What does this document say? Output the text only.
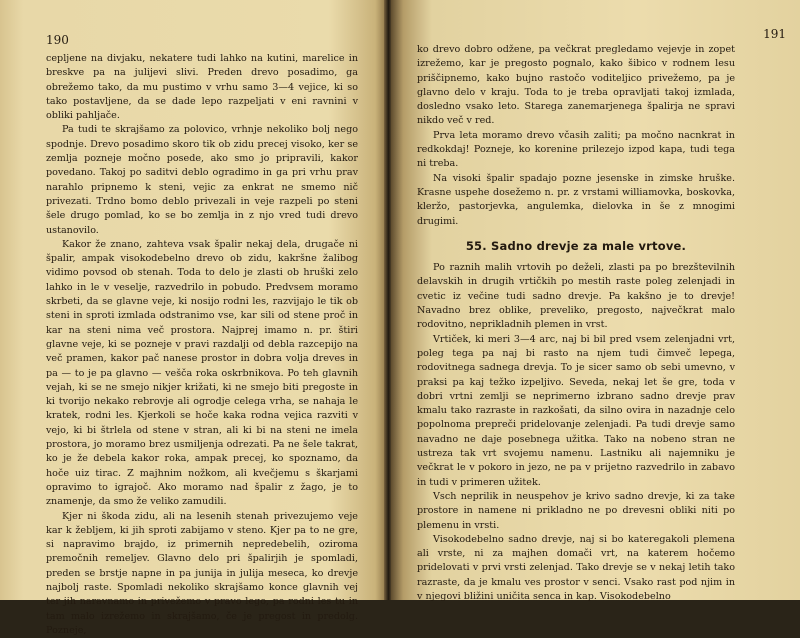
190

cepljene na divjaku, nekatere tudi lahko na kutini, marelice in breskve pa na julijevi slivi. Preden drevo posadimo, ga obrežemo tako, da mu pustimo v vrhu samo 3—4 vejice, ki so tako postavljene, da se dade lepo razpeljati v eni ravnini v obliki pahljače.

Pa tudi te skrajšamo za polovico, vrhnje nekoliko bolj nego spodnje. Drevo posadimo skoro tik ob zidu precej visoko, ker se zemlja pozneje močno posede, ako smo jo pripravili, kakor povedano. Takoj po saditvi deblo ogradimo in ga pri vrhu prav narahlo pripnemo k steni, vejic za enkrat ne smemo nič privezati. Trdno bomo deblo privezali in veje razpeli po steni šele drugo pomlad, ko se bo zemlja in z njo vred tudi drevo ustanovilo.

Kakor že znano, zahteva vsak špalir nekaj dela, drugače ni špalir, ampak visokodebelno drevo ob zidu, kakršne žalibog vidimo povsod ob stenah. Toda to delo je zlasti ob hruški zelo lahko in le v veselje, razvedrilo in pobudo. Predvsem moramo skrbeti, da se glavne veje, ki nosijo rodni les, razvijajo le tik ob steni in sproti izmlada odstranimo vse, kar sili od stene proč in kar na steni nima več prostora. Najprej imamo n. pr. štiri glavne veje, ki se pozneje v pravi razdalji od debla razcepijo na več pramen, kakor pač nanese prostor in dobra volja dreves in pa — to je pa glavno — vešča roka oskrbnikova. Po teh glavnih vejah, ki se ne smejo nikjer križati, ki ne smejo biti pregoste in ki tvorijo nekako rebrovje ali ogrodje celega vrha, se nahaja le kratek, rodni les. Kjerkoli se hoče kaka rodna vejica razviti v vejo, ki bi štrlela od stene v stran, ali ki bi na steni ne imela prostora, jo moramo brez usmiljenja odrezati. Pa ne šele takrat, ko je že debela kakor roka, ampak precej, ko spoznamo, da hoče uiz tirac. Z majhnim nožkom, ali kvečjemu s škarjami opravimo to igrajoč. Ako moramo nad špalir z žago, je to znamenje, da smo že veliko zamudili.

Kjer ni škoda zidu, ali na lesenih stenah privezujemo veje kar k žebljem, ki jih sproti zabijamo v steno. Kjer pa to ne gre, si napravimo brajdo, iz primernih nepredebelih, oziroma premočnih remeljev. Glavno delo pri špalirjih je spomladi, preden se brstje napne in pa junija in julija meseca, ko drevje najbolj raste. Spomladi nekoliko skrajšamo konce glavnih vej ter jih naravnamo in privežemo v pravo lego, pa rodni les tu in tam malo izrežemo in skrajšamo, če je pregost in predolg. Pozneje,

191

ko drevo dobro odžene, pa večkrat pregledamo vejevje in zopet izrežemo, kar je pregosto pognalo, kako šibico v rodnem lesu priščipnemo, kako bujno rastočo voditeljico privežemo, pa je glavno delo v kraju. Toda to je treba opravljati takoj izmlada, dosledno vsako leto. Starega zanemarjenega špalirja ne spravi nikdo več v red.

Prva leta moramo drevo včasih zaliti; pa močno nacnkrat in redkokdaj! Pozneje, ko korenine prilezejo izpod kapa, tudi tega ni treba.

Na visoki špalir spadajo pozne jesenske in zimske hruške. Krasne uspehe dosežemo n. pr. z vrstami williamovka, boskovka, kleržo, pastorjevka, angulemka, dielovka in še z mnogimi drugimi.

55. Sadno drevje za male vrtove.

Po raznih malih vrtovih po deželi, zlasti pa po brezštevilnih delavskih in drugih vrtičkih po mestih raste poleg zelenjadi in cvetic iz večine tudi sadno drevje. Pa kakšno je to drevje! Navadno brez oblike, preveliko, pregosto, največkrat malo rodovitno, neprikladnih plemen in vrst.

Vrtiček, ki meri 3—4 arc, naj bi bil pred vsem zelenjadni vrt, poleg tega pa naj bi rasto na njem tudi čimveč lepega, rodovitnega sadnega drevja. To je sicer samo ob sebi umevno, v praksi pa kaj težko izpeljivo. Seveda, nekaj let še gre, toda v dobri vrtni zemlji se neprimerno izbrano sadno drevje prav kmalu tako razraste in razkošati, da silno ovira in nazadnje celo popolnoma prepreči pridelovanje zelenjadi. Pa tudi drevje samo navadno ne daje posebnega užitka. Tako na nobeno stran ne ustreza tak vrt svojemu namenu. Lastniku ali najemniku je večkrat le v pokoro in jezo, ne pa v prijetno razvedrilo in zabavo in tudi v primeren užitek.

Vsch neprilik in neuspehov je krivo sadno drevje, ki za take prostore in namene ni prikladno ne po drevesni obliki niti po plemenu in vrsti.

Visokodebelno sadno drevje, naj si bo kateregakoli plemena ali vrste, ni za majhen domači vrt, na katerem hočemo pridelovati v prvi vrsti zelenjad. Tako drevje se v nekaj letih tako razraste, da je kmalu ves prostor v senci. Vsako rast pod njim in v njegovi bližini uničita senca in kap. Visokodebelno
